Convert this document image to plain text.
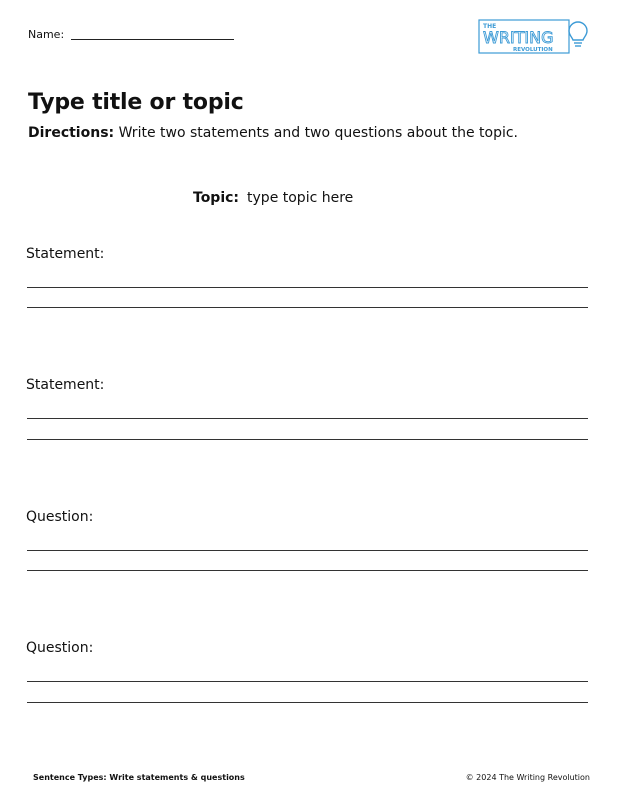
Name:
THE
WRITING
REVOLUTION
Type title or topic
Directions: Write two statements and two questions about the topic.
Topic: type topic here
Statement:
Statement:
Question:
Question:
Sentence Types: Write statements & questions	© 2024 The Writing Revolution
